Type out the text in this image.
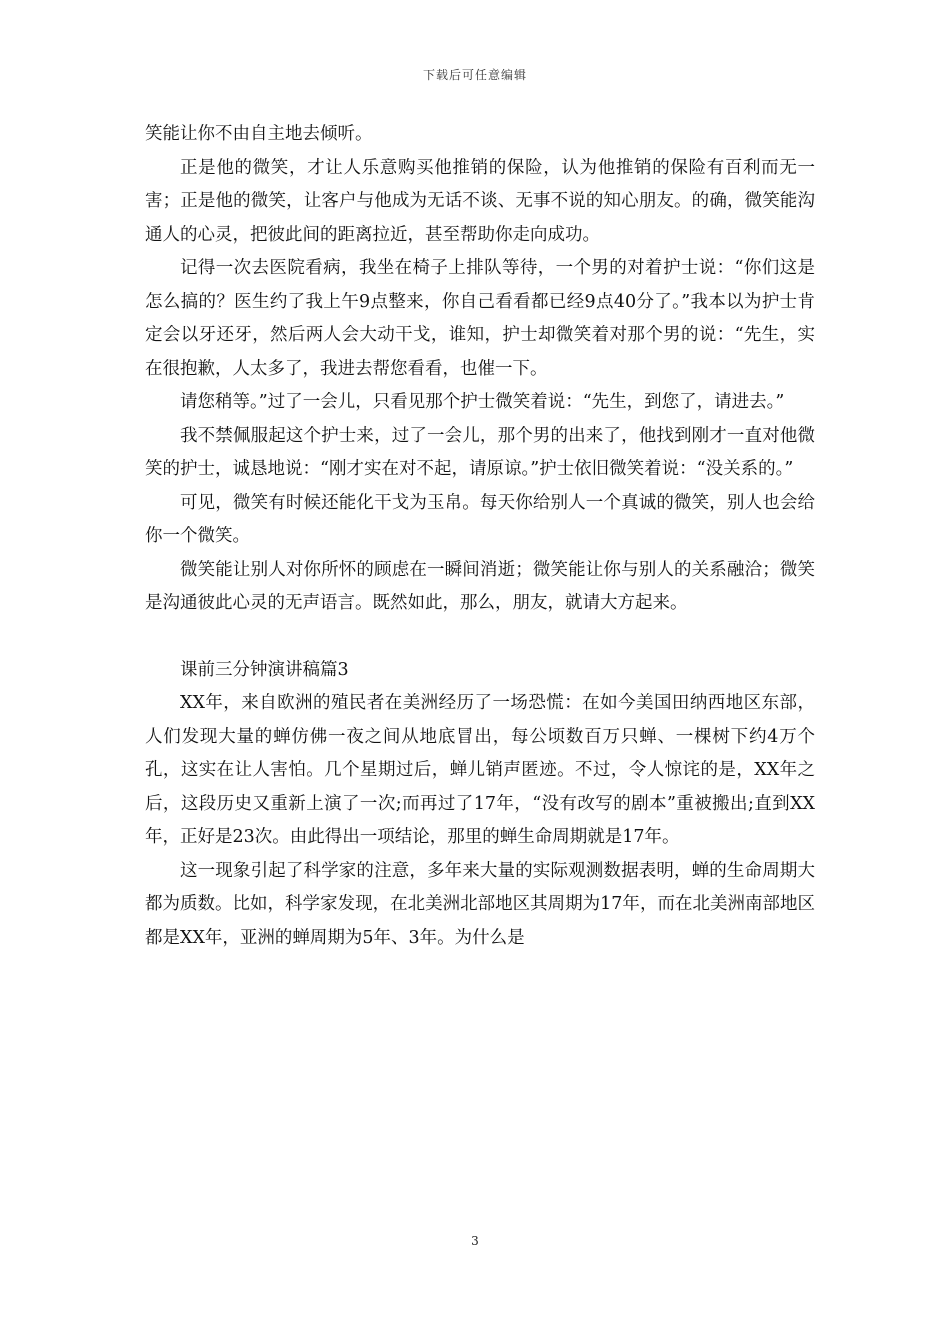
下载后可任意编辑

笑能让你不由自主地去倾听。

正是他的微笑，才让人乐意购买他推销的保险，认为他推销的保险有百利而无一害；正是他的微笑，让客户与他成为无话不谈、无事不说的知心朋友。的确，微笑能沟通人的心灵，把彼此间的距离拉近，甚至帮助你走向成功。

记得一次去医院看病，我坐在椅子上排队等待，一个男的对着护士说：“你们这是怎么搞的？医生约了我上午9点整来，你自己看看都已经9点40分了。”我本以为护士肯定会以牙还牙，然后两人会大动干戈，谁知，护士却微笑着对那个男的说：“先生，实在很抱歉，人太多了，我进去帮您看看，也催一下。

请您稍等。”过了一会儿，只看见那个护士微笑着说：“先生，到您了，请进去。”

我不禁佩服起这个护士来，过了一会儿，那个男的出来了，他找到刚才一直对他微笑的护士，诚恳地说：“刚才实在对不起，请原谅。”护士依旧微笑着说：“没关系的。”

可见，微笑有时候还能化干戈为玉帛。每天你给别人一个真诚的微笑，别人也会给你一个微笑。

微笑能让别人对你所怀的顾虑在一瞬间消逝；微笑能让你与别人的关系融洽；微笑是沟通彼此心灵的无声语言。既然如此，那么，朋友，就请大方起来。

课前三分钟演讲稿篇3

XX年，来自欧洲的殖民者在美洲经历了一场恐慌：在如今美国田纳西地区东部，人们发现大量的蝉仿佛一夜之间从地底冒出，每公顷数百万只蝉、一棵树下约4万个孔，这实在让人害怕。几个星期过后，蝉儿销声匿迹。不过，令人惊诧的是，XX年之后，这段历史又重新上演了一次;而再过了17年，“没有改写的剧本”重被搬出;直到XX年，正好是23次。由此得出一项结论，那里的蝉生命周期就是17年。

这一现象引起了科学家的注意，多年来大量的实际观测数据表明，蝉的生命周期大都为质数。比如，科学家发现，在北美洲北部地区其周期为17年，而在北美洲南部地区都是XX年，亚洲的蝉周期为5年、3年。为什么是

3
